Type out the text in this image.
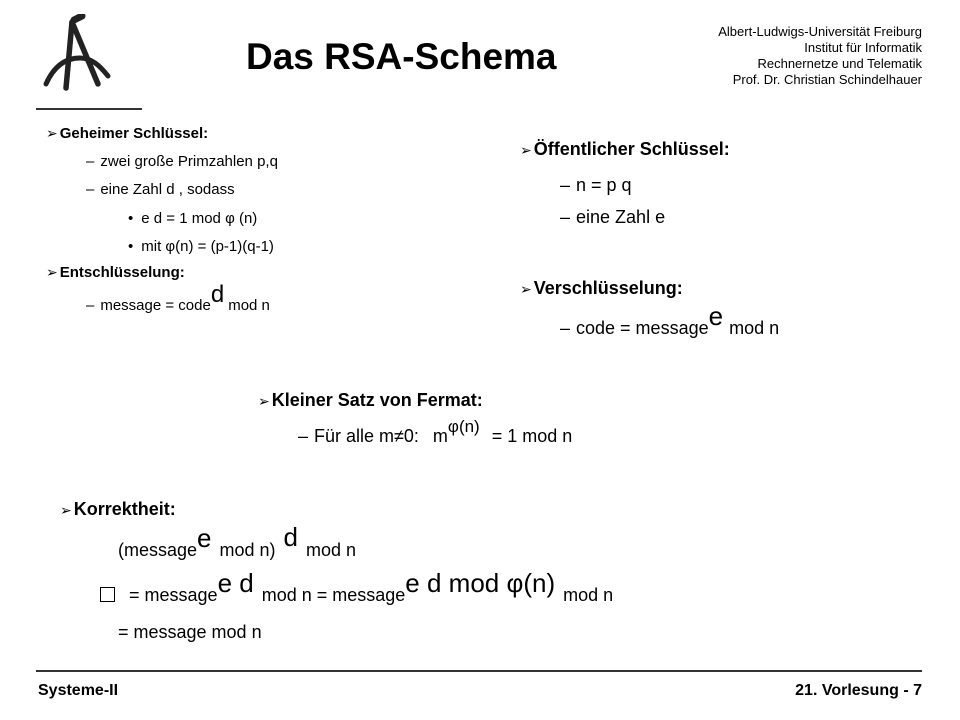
Das RSA-Schema
Albert-Ludwigs-Universität Freiburg
Institut für Informatik
Rechnernetze und Telematik
Prof. Dr. Christian Schindelhauer
➢ Geheimer Schlüssel:
– zwei große Primzahlen p,q
– eine Zahl d , sodass
• e d = 1 mod φ (n)
• mit φ(n) = (p-1)(q-1)
➢ Entschlüsselung:
– message = code$^d$ mod n
➢ Öffentlicher Schlüssel:
– n = p q
– eine Zahl e
➢ Verschlüsselung:
– code = message$^e$ mod n
➢ Kleiner Satz von Fermat:
– Für alle m≠0: $m^{\varphi(n)} = 1$ mod n
➢ Korrektheit:
(message$^e$ mod n) $^d$ mod n
= message$^{e d}$ mod n = message$^{e d mod \varphi(n)}$ mod n
= message mod n
Systeme-II	21. Vorlesung - 7
